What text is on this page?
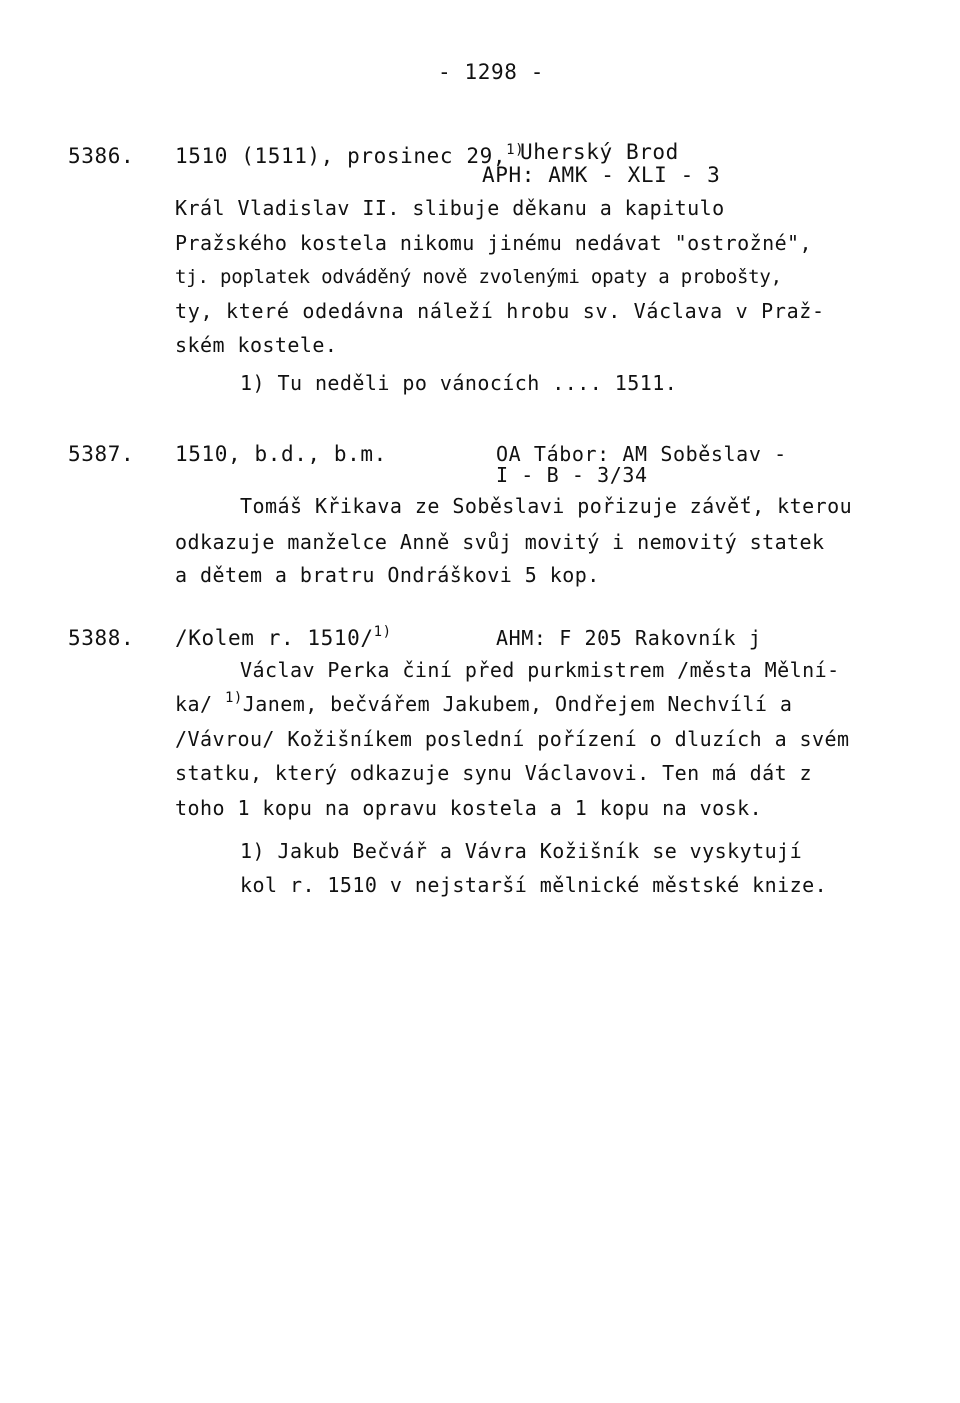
- 1298 -
5386. 1510 (1511), prosinec 29,$^{1)}$
Uherský Brod
APH: AMK - XLI - 3
Král Vladislav II. slibuje děkanu a kapitulo
Pražského kostela nikomu jinému nedávat "ostrožné",
tj. poplatek odváděný nově zvolenými opaty a probošty,
ty, které odedávna náleží hrobu sv. Václava v Praž-
ském kostele.
1) Tu neděli po vánocích .... 1511.
5387. 1510, b.d., b.m.	OA Tábor: AM Soběslav -
I - B - 3/34
Tomáš Křikava ze Soběslavi pořizuje závěť, kterou
odkazuje manželce Anně svůj movitý i nemovitý statek
a dětem a bratru Ondráškovi 5 kop.
5388. /Kolem r. 1510/$^{1)}$	AHM: F 205 Rakovník j
Václav Perka činí před purkmistrem /města Mělní-
ka/ $^{1)}$Janem, bečvářem Jakubem, Ondřejem Nechvílí a
/Vávrou/ Kožišníkem poslední pořízení o dluzích a svém
statku, který odkazuje synu Václavovi. Ten má dát z
toho 1 kopu na opravu kostela a 1 kopu na vosk.
1) Jakub Bečvář a Vávra Kožišník se vyskytují
kol r. 1510 v nejstarší mělnické městské knize.
